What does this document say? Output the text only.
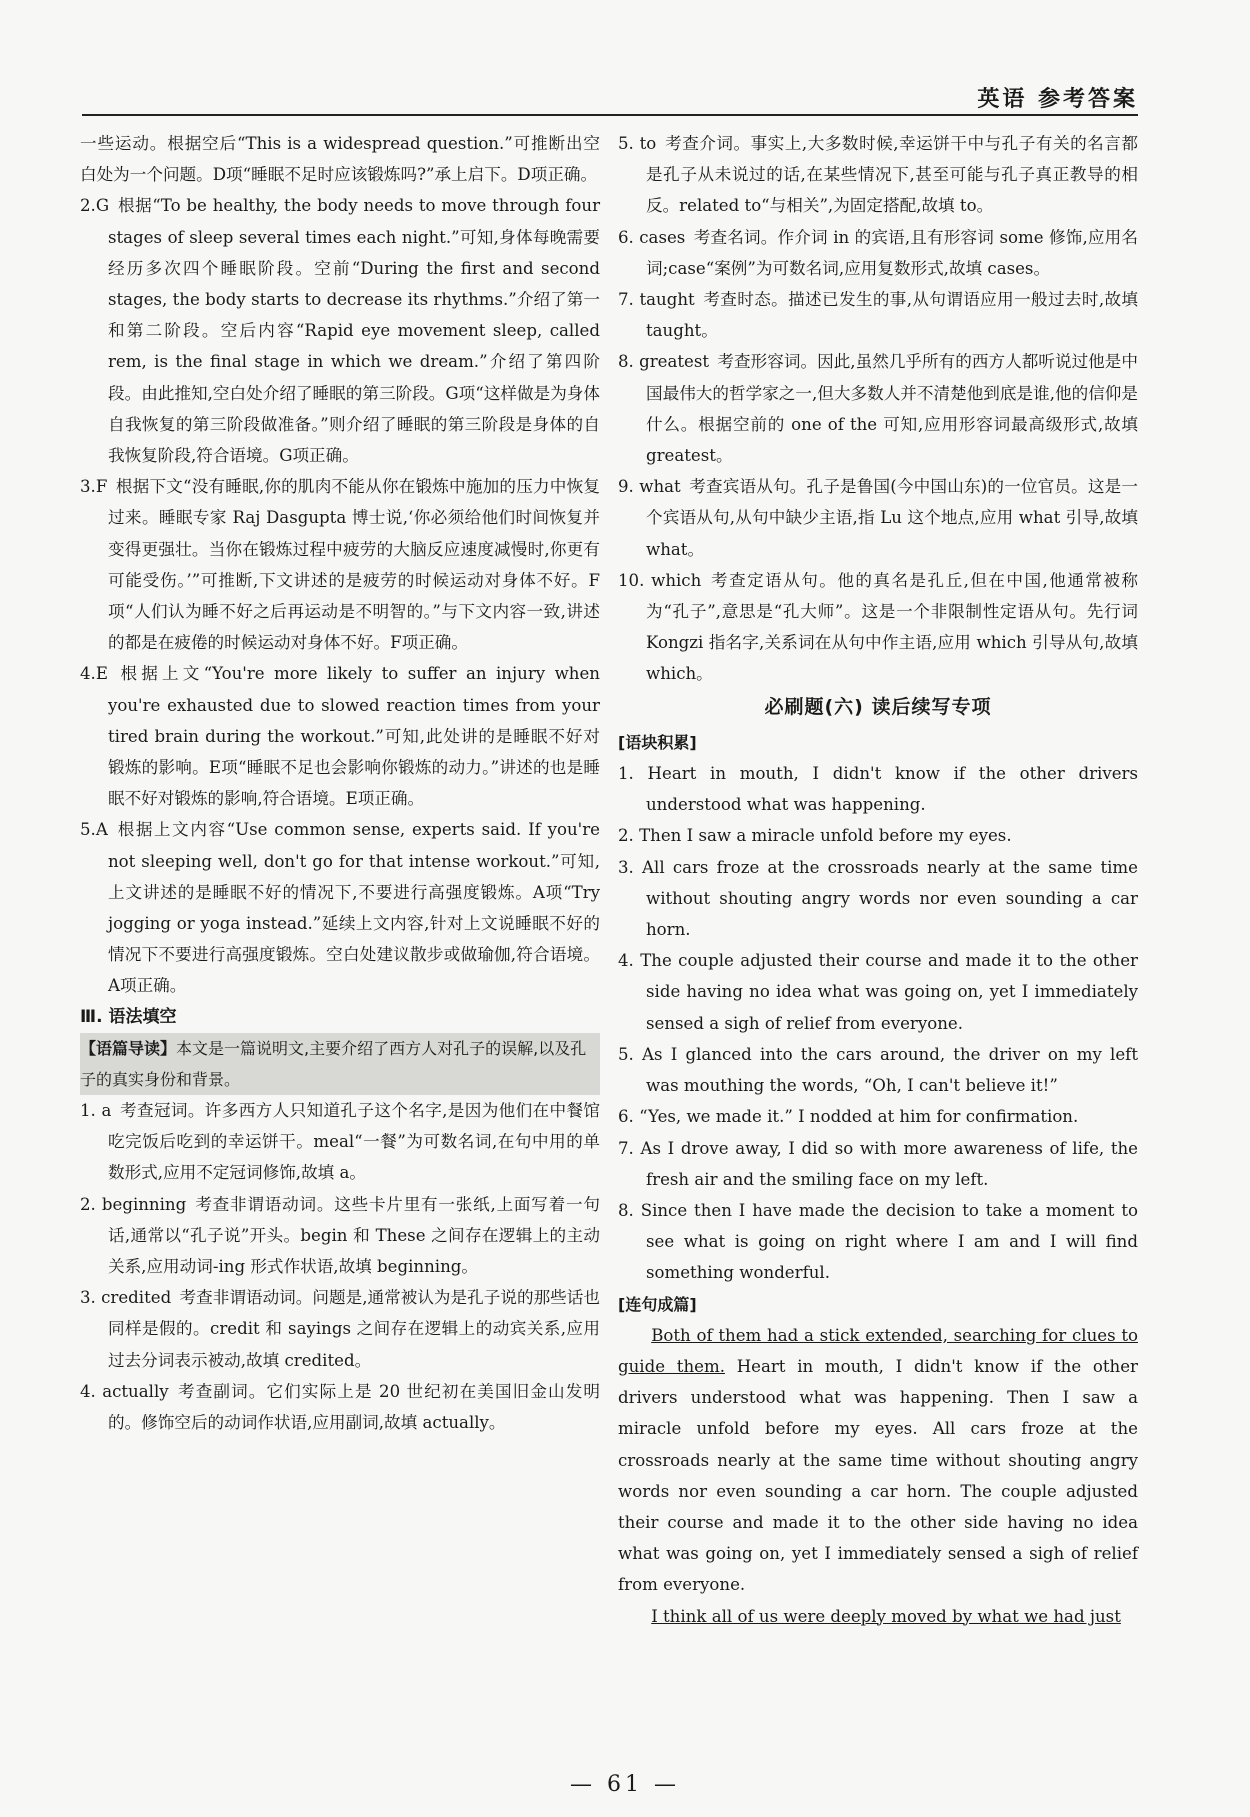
英语 参考答案

一些运动。根据空后“This is a widespread question.”可推断出空白处为一个问题。D项“睡眠不足时应该锻炼吗?”承上启下。D项正确。

2.G  根据“To be healthy, the body needs to move through four stages of sleep several times each night.”可知,身体每晚需要经历多次四个睡眠阶段。空前“During the first and second stages, the body starts to decrease its rhythms.”介绍了第一和第二阶段。空后内容“Rapid eye movement sleep, called rem, is the final stage in which we dream.”介绍了第四阶段。由此推知,空白处介绍了睡眠的第三阶段。G项“这样做是为身体自我恢复的第三阶段做准备。”则介绍了睡眠的第三阶段是身体的自我恢复阶段,符合语境。G项正确。

3.F  根据下文“没有睡眠,你的肌肉不能从你在锻炼中施加的压力中恢复过来。睡眠专家 Raj Dasgupta 博士说,‘你必须给他们时间恢复并变得更强壮。当你在锻炼过程中疲劳的大脑反应速度减慢时,你更有可能受伤。’”可推断,下文讲述的是疲劳的时候运动对身体不好。F项“人们认为睡不好之后再运动是不明智的。”与下文内容一致,讲述的都是在疲倦的时候运动对身体不好。F项正确。

4.E  根据上文“You're more likely to suffer an injury when you're exhausted due to slowed reaction times from your tired brain during the workout.”可知,此处讲的是睡眠不好对锻炼的影响。E项“睡眠不足也会影响你锻炼的动力。”讲述的也是睡眠不好对锻炼的影响,符合语境。E项正确。

5.A  根据上文内容“Use common sense, experts said. If you're not sleeping well, don't go for that intense workout.”可知,上文讲述的是睡眠不好的情况下,不要进行高强度锻炼。A项“Try jogging or yoga instead.”延续上文内容,针对上文说睡眠不好的情况下不要进行高强度锻炼。空白处建议散步或做瑜伽,符合语境。A项正确。

Ⅲ. 语法填空

【语篇导读】本文是一篇说明文,主要介绍了西方人对孔子的误解,以及孔子的真实身份和背景。

1. a  考查冠词。许多西方人只知道孔子这个名字,是因为他们在中餐馆吃完饭后吃到的幸运饼干。meal“一餐”为可数名词,在句中用的单数形式,应用不定冠词修饰,故填 a。

2. beginning  考查非谓语动词。这些卡片里有一张纸,上面写着一句话,通常以“孔子说”开头。begin 和 These 之间存在逻辑上的主动关系,应用动词-ing 形式作状语,故填 beginning。

3. credited  考查非谓语动词。问题是,通常被认为是孔子说的那些话也同样是假的。credit 和 sayings 之间存在逻辑上的动宾关系,应用过去分词表示被动,故填 credited。

4. actually  考查副词。它们实际上是 20 世纪初在美国旧金山发明的。修饰空后的动词作状语,应用副词,故填 actually。

5. to  考查介词。事实上,大多数时候,幸运饼干中与孔子有关的名言都是孔子从未说过的话,在某些情况下,甚至可能与孔子真正教导的相反。related to“与相关”,为固定搭配,故填 to。

6. cases  考查名词。作介词 in 的宾语,且有形容词 some 修饰,应用名词;case“案例”为可数名词,应用复数形式,故填 cases。

7. taught  考查时态。描述已发生的事,从句谓语应用一般过去时,故填 taught。

8. greatest  考查形容词。因此,虽然几乎所有的西方人都听说过他是中国最伟大的哲学家之一,但大多数人并不清楚他到底是谁,他的信仰是什么。根据空前的 one of the 可知,应用形容词最高级形式,故填 greatest。

9. what  考查宾语从句。孔子是鲁国(今中国山东)的一位官员。这是一个宾语从句,从句中缺少主语,指 Lu 这个地点,应用 what 引导,故填 what。

10. which  考查定语从句。他的真名是孔丘,但在中国,他通常被称为“孔子”,意思是“孔大师”。这是一个非限制性定语从句。先行词 Kongzi 指名字,关系词在从句中作主语,应用 which 引导从句,故填 which。

必刷题(六) 读后续写专项

[语块积累]

1. Heart in mouth, I didn't know if the other drivers understood what was happening.

2. Then I saw a miracle unfold before my eyes.

3. All cars froze at the crossroads nearly at the same time without shouting angry words nor even sounding a car horn.

4. The couple adjusted their course and made it to the other side having no idea what was going on, yet I immediately sensed a sigh of relief from everyone.

5. As I glanced into the cars around, the driver on my left was mouthing the words, “Oh, I can't believe it!”

6. “Yes, we made it.” I nodded at him for confirmation.

7. As I drove away, I did so with more awareness of life, the fresh air and the smiling face on my left.

8. Since then I have made the decision to take a moment to see what is going on right where I am and I will find something wonderful.

[连句成篇]

Both of them had a stick extended, searching for clues to guide them. Heart in mouth, I didn't know if the other drivers understood what was happening. Then I saw a miracle unfold before my eyes. All cars froze at the crossroads nearly at the same time without shouting angry words nor even sounding a car horn. The couple adjusted their course and made it to the other side having no idea what was going on, yet I immediately sensed a sigh of relief from everyone.

I think all of us were deeply moved by what we had just

— 61 —
